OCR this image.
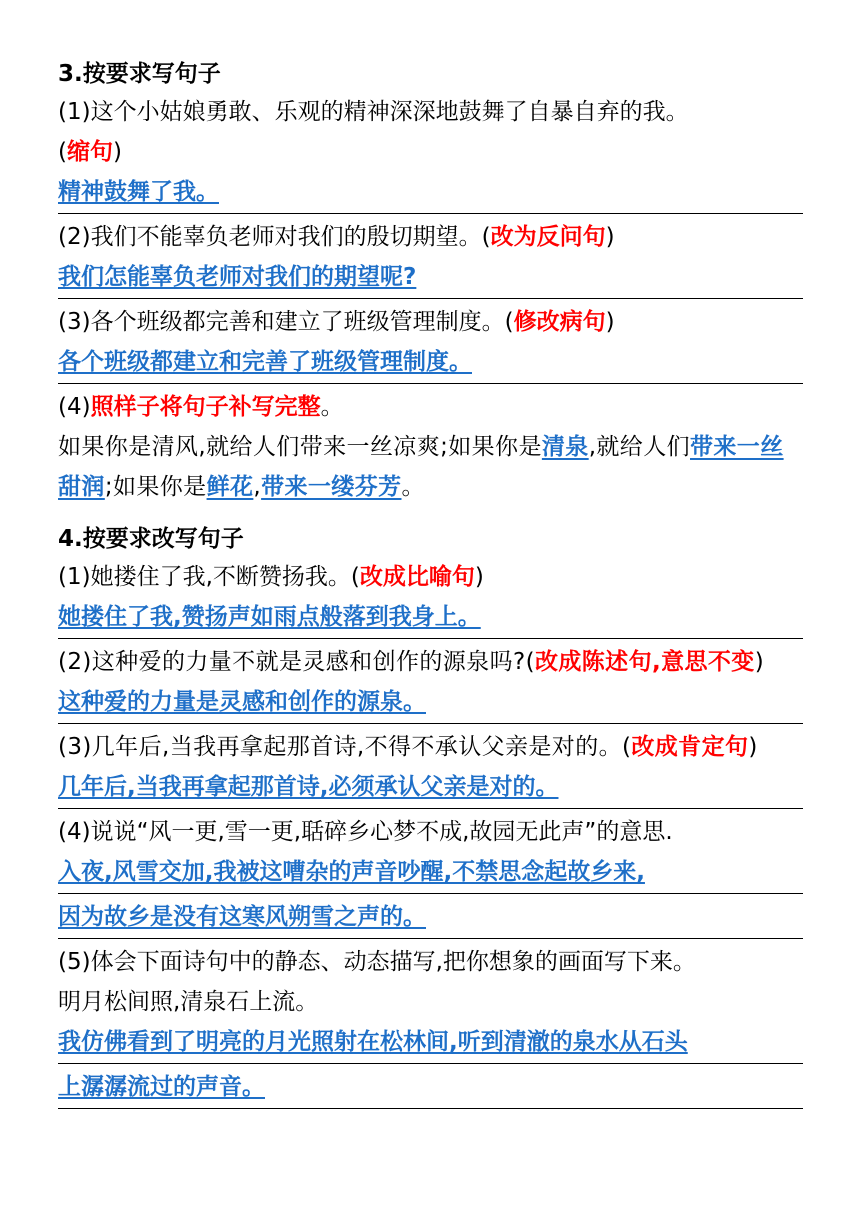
3.按要求写句子
(1)这个小姑娘勇敢、乐观的精神深深地鼓舞了自暴自弃的我。
(缩句)
精神鼓舞了我。
(2)我们不能辜负老师对我们的殷切期望。(改为反问句)
我们怎能辜负老师对我们的期望呢?
(3)各个班级都完善和建立了班级管理制度。(修改病句)
各个班级都建立和完善了班级管理制度。
(4)照样子将句子补写完整。
如果你是清风,就给人们带来一丝凉爽;如果你是清泉,就给人们带来一丝甜润;如果你是鲜花,带来一缕芬芳。
4.按要求改写句子
(1)她搂住了我,不断赞扬我。(改成比喻句)
她搂住了我,赞扬声如雨点般落到我身上。
(2)这种爱的力量不就是灵感和创作的源泉吗?(改成陈述句,意思不变)
这种爱的力量是灵感和创作的源泉。
(3)几年后,当我再拿起那首诗,不得不承认父亲是对的。(改成肯定句)
几年后,当我再拿起那首诗,必须承认父亲是对的。
(4)说说“风一更,雪一更,聒碎乡心梦不成,故园无此声”的意思.
入夜,风雪交加,我被这嘈杂的声音吵醒,不禁思念起故乡来,
因为故乡是没有这寒风朔雪之声的。
(5)体会下面诗句中的静态、动态描写,把你想象的画面写下来。
明月松间照,清泉石上流。
我仿佛看到了明亮的月光照射在松林间,听到清澈的泉水从石头
上潺潺流过的声音。
